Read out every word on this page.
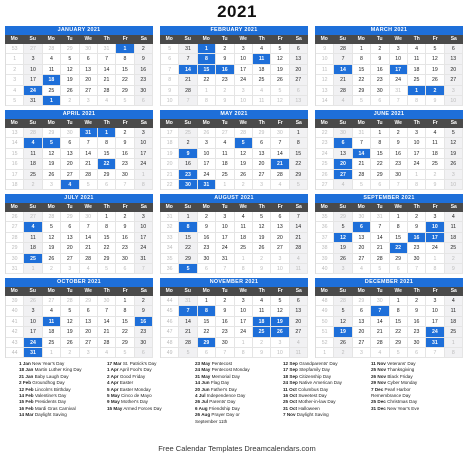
2021
JANUARY 2021
Mo	Su	Mo	Tu	We	Th	Fr	Sa
53	27	28	29	30	31	1	2
1	3	4	5	6	7	8	9
2	10	11	12	13	14	15	16
3	17	18	19	20	21	22	23
4	24	25	26	27	28	29	30
5	31	1	2	3	4	5	6
FEBRUARY 2021
Mo	Su	Mo	Tu	We	Th	Fr	Sa
5	31	1	2	3	4	5	6
6	7	8	9	10	11	12	13
7	14	15	16	17	18	19	20
8	21	22	23	24	25	26	27
9	28	1	2	3	4	5	6
10	7	8	9	10	11	12	13
MARCH 2021
Mo	Su	Mo	Tu	We	Th	Fr	Sa
9	28	1	2	3	4	5	6
10	7	8	9	10	11	12	13
11	14	15	16	17	18	19	20
12	21	22	23	24	25	26	27
13	28	29	30	31	1	2	3
14	4	5	6	7	8	9	10
APRIL 2021
Mo	Su	Mo	Tu	We	Th	Fr	Sa
13	28	29	30	31	1	2	3
14	4	5	6	7	8	9	10
15	11	12	13	14	15	16	17
16	18	19	20	21	22	23	24
17	25	26	27	28	29	30	1
18	2	3	4	5	6	7	8
MAY 2021
Mo	Su	Mo	Tu	We	Th	Fr	Sa
17	25	26	27	28	29	30	1
18	2	3	4	5	6	7	8
19	9	10	11	12	13	14	15
20	16	17	18	19	20	21	22
21	23	24	25	26	27	28	29
22	30	31	1	2	3	4	5
JUNE 2021
Mo	Su	Mo	Tu	We	Th	Fr	Sa
22	30	31	1	2	3	4	5
23	6	7	8	9	10	11	12
24	13	14	15	16	17	18	19
25	20	21	22	23	24	25	26
26	27	28	29	30	1	2	3
27	4	5	6	7	8	9	10
JULY 2021
Mo	Su	Mo	Tu	We	Th	Fr	Sa
26	27	28	29	30	1	2	3
27	4	5	6	7	8	9	10
28	11	12	13	14	15	16	17
29	18	19	20	21	22	23	24
30	25	26	27	28	29	30	31
31	1	2	3	4	5	6	7
AUGUST 2021
Mo	Su	Mo	Tu	We	Th	Fr	Sa
31	1	2	3	4	5	6	7
32	8	9	10	11	12	13	14
33	15	16	17	18	19	20	21
34	22	23	24	25	26	27	28
35	29	30	31	1	2	3	4
36	5	6	7	8	9	10	11
SEPTEMBER 2021
Mo	Su	Mo	Tu	We	Th	Fr	Sa
35	29	30	31	1	2	3	4
36	5	6	7	8	9	10	11
37	12	13	14	15	16	17	18
38	19	20	21	22	23	24	25
39	26	27	28	29	30	1	2
40	3	4	5	6	7	8	9
OCTOBER 2021
Mo	Su	Mo	Tu	We	Th	Fr	Sa
39	26	27	28	29	30	1	2
40	3	4	5	6	7	8	9
41	10	11	12	13	14	15	16
42	17	18	19	20	21	22	23
43	24	25	26	27	28	29	30
44	31	1	2	3	4	5	6
NOVEMBER 2021
Mo	Su	Mo	Tu	We	Th	Fr	Sa
44	31	1	2	3	4	5	6
45	7	8	9	10	11	12	13
46	14	15	16	17	18	19	20
47	21	22	23	24	25	26	27
48	28	29	30	1	2	3	4
49	5	6	7	8	9	10	11
DECEMBER 2021
Mo	Su	Mo	Tu	We	Th	Fr	Sa
48	28	29	30	1	2	3	4
49	5	6	7	8	9	10	11
50	12	13	14	15	16	17	18
51	19	20	21	22	23	24	25
52	26	27	28	29	30	31	1
1	2	3	4	5	6	7	8
1 Jan New Year's Day
18 Jan Martin Luther King Day
21 Jan Baby Laugh Day
2 Feb Groundhog Day
12 Feb Lincoln's Birthday
14 Feb Valentine's Day
15 Feb Presidents Day
16 Feb Mardi Gras Carnival
14 Mar Daylight Saving
17 Mar St. Patrick's Day
1 Apr April Fool's Day
2 Apr Good Friday
4 Apr Easter
5 Apr Easter Monday
5 May Cinco de Mayo
9 May Mother's Day
15 May Armed Forces Day
23 May Pentecost
24 May Pentecost Monday
31 May Memorial Day
14 Jun Flag Day
20 Jun Father's Day
4 Jul Independence Day
26 Jul Parents' Day
6 Aug Friendship Day
26 Aug Prayer Day or
September 11th
12 Sep Grandparents' Day
17 Sep Stepfamily Day
18 Sep Citizenship Day
24 Sep Native American Day
11 Oct Columbus Day
16 Oct Sweetest Day
25 Oct Mother-in-law Day
31 Oct Halloween
7 Nov Daylight Saving
11 Nov Veterans' Day
25 Nov Thanksgiving
26 Nov Black Friday
29 Nov Cyber Monday
7 Dec Pearl Harbor
Remembrance Day
25 Dec Christmas Day
31 Dec New Year's Eve
Free Calendar Templates Dreamcalendars.com
